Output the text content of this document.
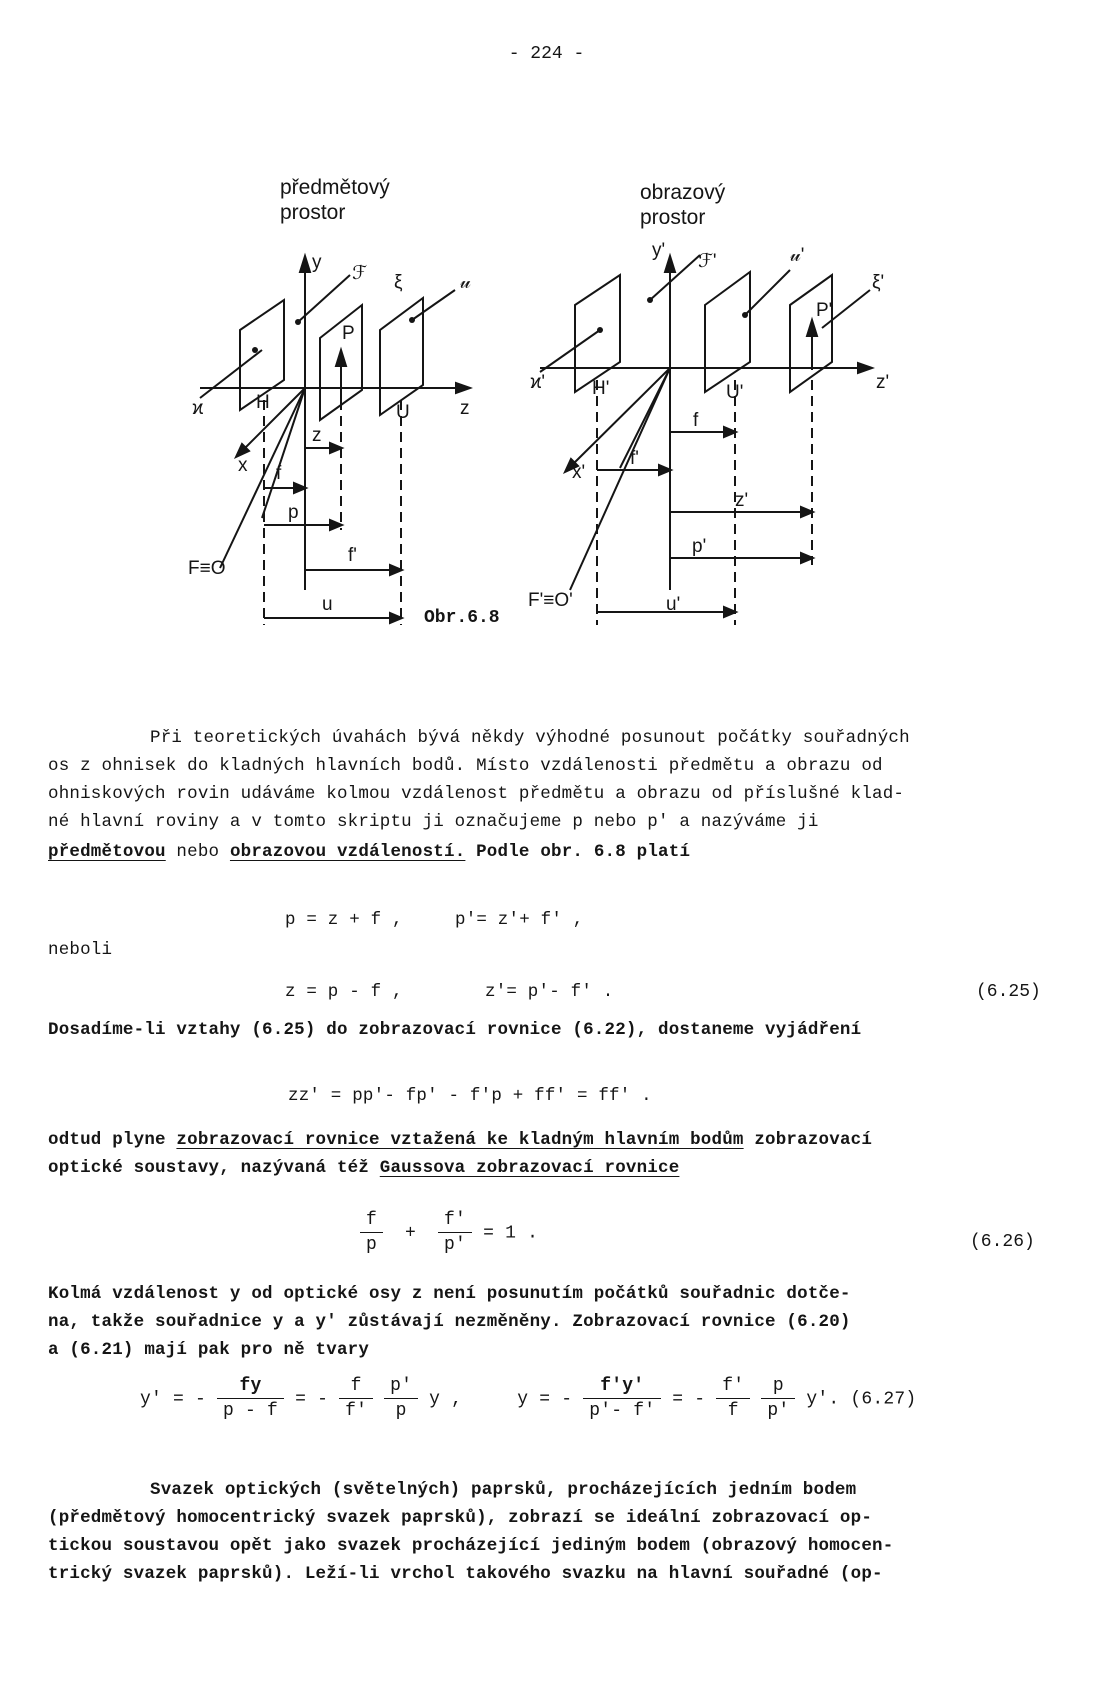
- 224 -
předmětový
prostor
obrazový
prostor
y
ℱ ξ	𝓊
ϰ	H
P
U	z
x
z
f
p
f'
F≡O
u
Obr.6.8
y'
ℱ'	𝓊'
ξ'
ϰ' H'	U'
P'
z'
x'
f
f'
z'
p'
F'≡O'	u'
Při teoretických úvahách bývá někdy výhodné posunout počátky souřadných
os z ohnisek do kladných hlavních bodů. Místo vzdálenosti předmětu a obrazu od
ohniskových rovin udáváme kolmou vzdálenost předmětu a obrazu od příslušné klad-
né hlavní roviny a v tomto skriptu ji označujeme p nebo p′ a nazýváme ji
předmětovou nebo obrazovou vzdáleností. Podle obr. 6.8 platí
p = z + f ,	p′= z′+ f′ ,
neboli
z = p - f ,	z′= p′- f′ .	(6.25)
Dosadíme-li vztahy (6.25) do zobrazovací rovnice (6.22), dostaneme vyjádření
zz′ = pp′- fp′ - f′p + ff′ = ff′ .
odtud plyne zobrazovací rovnice vztažená ke kladným hlavním bodům zobrazovací
optické soustavy, nazývaná též Gaussova zobrazovací rovnice
$\frac{f}{p} + \frac{f'}{p'} = 1$ .	(6.26)
Kolmá vzdálenost y od optické osy z není posunutím počátků souřadnic dotče-
na, takže souřadnice y a y′ zůstávají nezměněny. Zobrazovací rovnice (6.20)
a (6.21) mají pak pro ně tvary
y′ = - $\frac{fy}{p - f}$ = - $\frac{f}{f'}$
$\frac{p'}{p}$ y ,	y = - $\frac{f'y'}{p'- f'}$ = - $\frac{f'}{f}$
$\frac{p}{p'} y'$. (6.27)
Svazek optických (světelných) paprsků, procházejících jedním bodem
(předmětový homocentrický svazek paprsků), zobrazí se ideální zobrazovací op-
tickou soustavou opět jako svazek procházející jediným bodem (obrazový homocen-
trický svazek paprsků). Leží-li vrchol takového svazku na hlavní souřadné (op-
